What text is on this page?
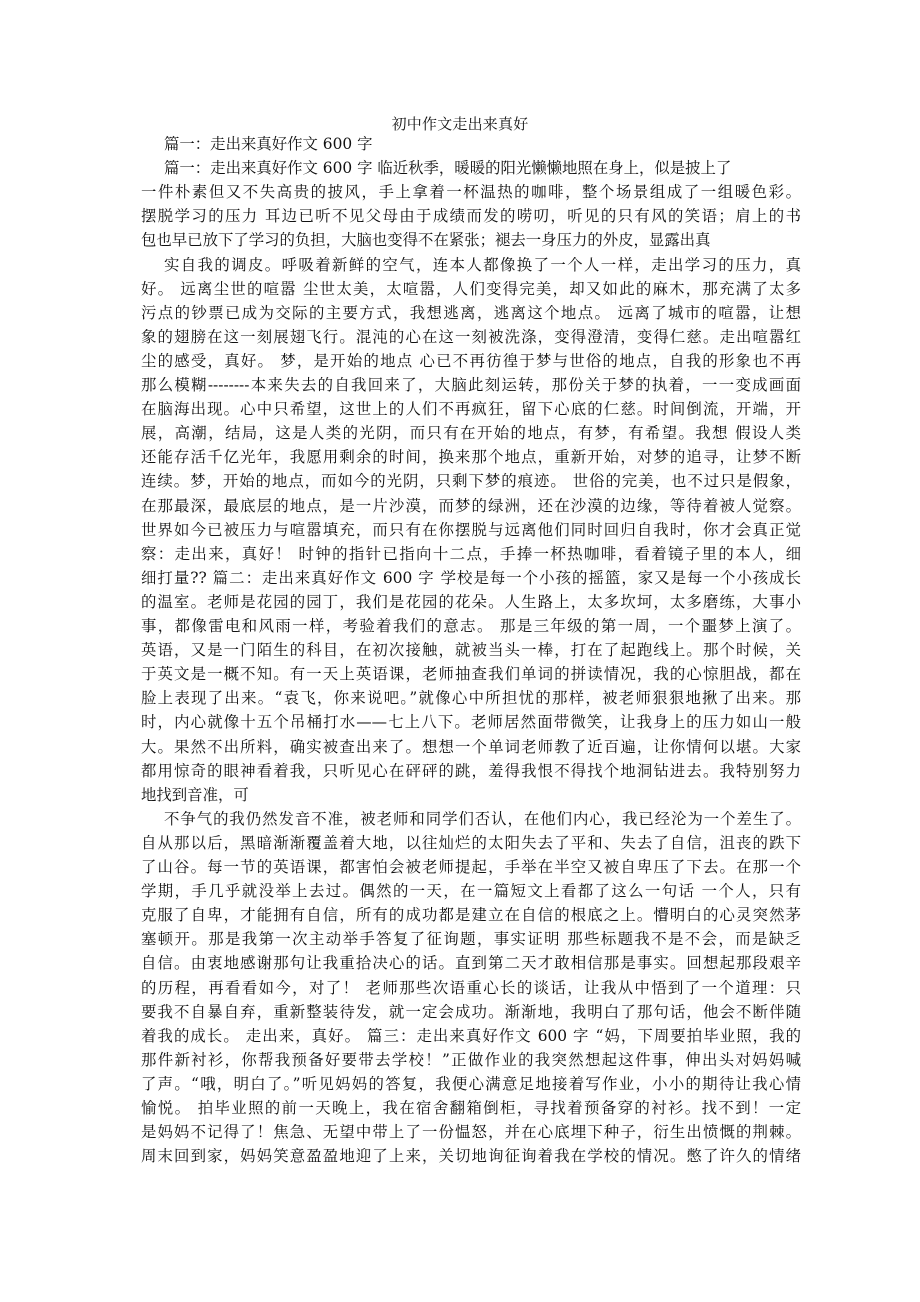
初中作文走出来真好
篇一：走出来真好作文 600 字
篇一：走出来真好作文 600 字 临近秋季，暖暖的阳光懒懒地照在身上，似是披上了
一件朴素但又不失高贵的披风，手上拿着一杯温热的咖啡，整个场景组成了一组暖色彩。
摆脱学习的压力 耳边已听不见父母由于成绩而发的唠叨，听见的只有风的笑语；肩上的书
包也早已放下了学习的负担，大脑也变得不在紧张；褪去一身压力的外皮，显露出真
实自我的调皮。呼吸着新鲜的空气，连本人都像换了一个人一样，走出学习的压力，真
好。 远离尘世的喧嚣 尘世太美，太喧嚣，人们变得完美，却又如此的麻木，那充满了太多
污点的钞票已成为交际的主要方式，我想逃离，逃离这个地点。 远离了城市的喧嚣，让想
象的翅膀在这一刻展翅飞行。混沌的心在这一刻被洗涤，变得澄清，变得仁慈。走出喧嚣红
尘的感受，真好。 梦，是开始的地点 心已不再彷徨于梦与世俗的地点，自我的形象也不再
那么模糊--------本来失去的自我回来了，大脑此刻运转，那份关于梦的执着，一一变成画面
在脑海出现。心中只希望，这世上的人们不再疯狂，留下心底的仁慈。时间倒流，开端，开
展，高潮，结局，这是人类的光阴，而只有在开始的地点，有梦，有希望。我想 假设人类
还能存活千亿光年，我愿用剩余的时间，换来那个地点，重新开始，对梦的追寻，让梦不断
连续。梦，开始的地点，而如今的光阴，只剩下梦的痕迹。 世俗的完美，也不过只是假象，
在那最深，最底层的地点，是一片沙漠，而梦的绿洲，还在沙漠的边缘，等待着被人觉察。
世界如今已被压力与喧嚣填充，而只有在你摆脱与远离他们同时回归自我时，你才会真正觉
察：走出来，真好！ 时钟的指针已指向十二点，手捧一杯热咖啡，看着镜子里的本人，细
细打量?? 篇二：走出来真好作文 600 字 学校是每一个小孩的摇篮，家又是每一个小孩成长
的温室。老师是花园的园丁，我们是花园的花朵。人生路上，太多坎坷，太多磨练，大事小
事，都像雷电和风雨一样，考验着我们的意志。 那是三年级的第一周，一个噩梦上演了。
英语，又是一门陌生的科目，在初次接触，就被当头一棒，打在了起跑线上。那个时候，关
于英文是一概不知。有一天上英语课，老师抽查我们单词的拼读情况，我的心惊胆战，都在
脸上表现了出来。“袁飞，你来说吧。”就像心中所担忧的那样，被老师狠狠地揪了出来。那
时，内心就像十五个吊桶打水——七上八下。老师居然面带微笑，让我身上的压力如山一般
大。果然不出所料，确实被查出来了。想想一个单词老师教了近百遍，让你情何以堪。大家
都用惊奇的眼神看着我，只听见心在砰砰的跳，羞得我恨不得找个地洞钻进去。我特别努力
地找到音准，可
不争气的我仍然发音不准，被老师和同学们否认，在他们内心，我已经沦为一个差生了。
自从那以后，黑暗渐渐覆盖着大地，以往灿烂的太阳失去了平和、失去了自信，沮丧的跌下
了山谷。每一节的英语课，都害怕会被老师提起，手举在半空又被自卑压了下去。在那一个
学期，手几乎就没举上去过。偶然的一天，在一篇短文上看都了这么一句话 一个人，只有
克服了自卑，才能拥有自信，所有的成功都是建立在自信的根底之上。懵明白的心灵突然茅
塞顿开。那是我第一次主动举手答复了征询题，事实证明 那些标题我不是不会，而是缺乏
自信。由衷地感谢那句让我重拾决心的话。直到第二天才敢相信那是事实。回想起那段艰辛
的历程，再看看如今，对了！ 老师那些次语重心长的谈话，让我从中悟到了一个道理：只
要我不自暴自弃，重新整装待发，就一定会成功。渐渐地，我明白了那句话，他会不断伴随
着我的成长。 走出来，真好。 篇三：走出来真好作文 600 字 “妈，下周要拍毕业照，我的
那件新衬衫，你帮我预备好要带去学校！”正做作业的我突然想起这件事，伸出头对妈妈喊
了声。“哦，明白了。”听见妈妈的答复，我便心满意足地接着写作业，小小的期待让我心情
愉悦。 拍毕业照的前一天晚上，我在宿舍翻箱倒柜，寻找着预备穿的衬衫。找不到！一定
是妈妈不记得了！焦急、无望中带上了一份愠怒，并在心底埋下种子，衍生出愤慨的荆棘。
周末回到家，妈妈笑意盈盈地迎了上来，关切地询征询着我在学校的情况。憋了许久的情绪
